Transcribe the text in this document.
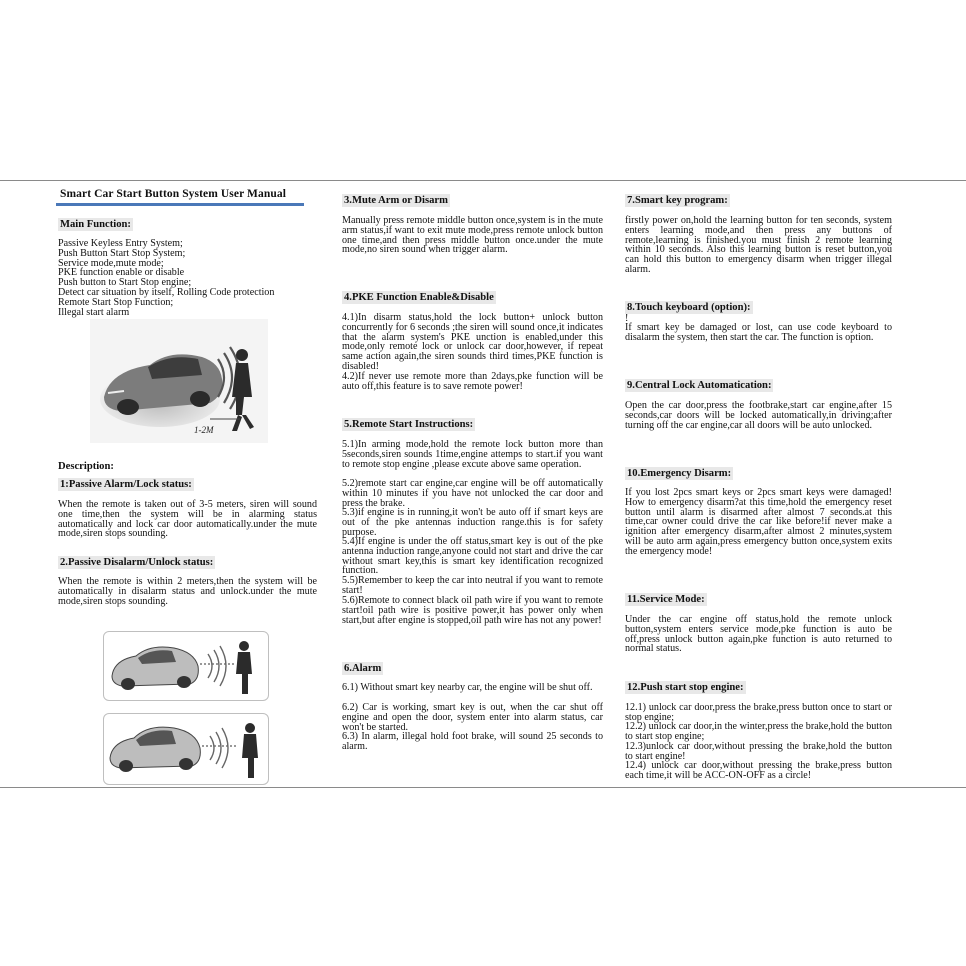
Smart Car Start Button System User Manual
Main Function:
Passive Keyless Entry System;
Push Button Start Stop System;
Service mode,mute mode;
PKE function enable or disable
Push button to Start Stop engine;
Detect car situation by itself, Rolling Code protection
Remote Start Stop Function;
Illegal start alarm
1-2M
Description:
1:Passive Alarm/Lock status:
When the remote is taken out of 3-5 meters, siren will sound one time,then the system will be in alarming status automatically and lock car door automatically.under the mute mode,siren stops sounding.
2.Passive Disalarm/Unlock status:
When the remote is within 2 meters,then the system will be automatically in disalarm status and unlock.under the mute mode,siren stops sounding.
3.Mute Arm or Disarm
Manually press remote middle button once,system is in the mute arm status,if want to exit mute mode,press remote unlock button one time,and then press middle button once.under the mute mode,no siren sound when trigger alarm.
4.PKE Function Enable&Disable
4.1)In disarm status,hold the lock button+ unlock button concurrently for 6 seconds ;the siren will sound once,it indicates that the alarm system's PKE unction is enabled,under this mode,only remote lock or unlock car door,however, if repeat same action again,the siren sounds third times,PKE function is disabled!
4.2)If never use remote more than 2days,pke function will be auto off,this feature is to save remote power!
5.Remote Start Instructions:
5.1)In arming mode,hold the remote lock button more than 5seconds,siren sounds 1time,engine attemps to start.if you want to remote stop engine ,please excute above same operation.
5.2)remote start car engine,car engine will be off automatically within 10 minutes if you have not unlocked the car door and press the brake.
5.3)if engine is in running,it won't be auto off if smart keys are out of the pke antennas induction range.this is for safety purpose.
5.4)If engine is under the off status,smart key is out of the pke antenna induction range,anyone could not start and drive the car without smart key,this is smart key identification recognized function.
5.5)Remember to keep the car into neutral if you want to remote start!
5.6)Remote to connect black oil path wire if you want to remote start!oil path wire is positive power,it has power only when start,but after engine is stopped,oil path wire has not any power!
6.Alarm
6.1) Without smart key nearby car, the engine will be shut off.
6.2) Car is working, smart key is out, when the car shut off engine and open the door, system enter into alarm status, car won't be started.
6.3) In alarm, illegal hold foot brake, will sound 25 seconds to alarm.
7.Smart key program:
firstly power on,hold the learning button for ten seconds, system enters learning mode,and then press any buttons of remote,learning is finished.you must finish 2 remote learning within 10 seconds. Also this learning button is reset button,you can hold this button to emergency disarm when trigger illegal alarm.
8.Touch keyboard (option):
!
If smart key be damaged or lost, can use code keyboard to disalarm the system, then start the car. The function is option.
9.Central Lock Automatication:
Open the car door,press the footbrake,start car engine,after 15 seconds,car doors will be locked automatically,in driving;after turning off the car engine,car all doors will be auto unlocked.
10.Emergency Disarm:
If you lost 2pcs smart keys or 2pcs smart keys were damaged! How to emergency disarm?at this time,hold the emergency reset button until alarm is disarmed after almost 7 seconds.at this time,car owner could drive the car like before!if never make a ignition after emergency disarm,after almost 2 minutes,system will be auto arm again,press emergency button once,system exits the emergency mode!
11.Service Mode:
Under the car engine off status,hold the remote unlock button,system enters service mode,pke function is auto be off,press unlock button again,pke function is auto returned to normal status.
12.Push start stop engine:
12.1) unlock car door,press the brake,press button once to start or stop engine;
12.2) unlock car door,in the winter,press the brake,hold the button to start stop engine;
12.3)unlock car door,without pressing the brake,hold the button to start engine!
12.4) unlock car door,without pressing the brake,press button each time,it will be ACC-ON-OFF as a circle!
